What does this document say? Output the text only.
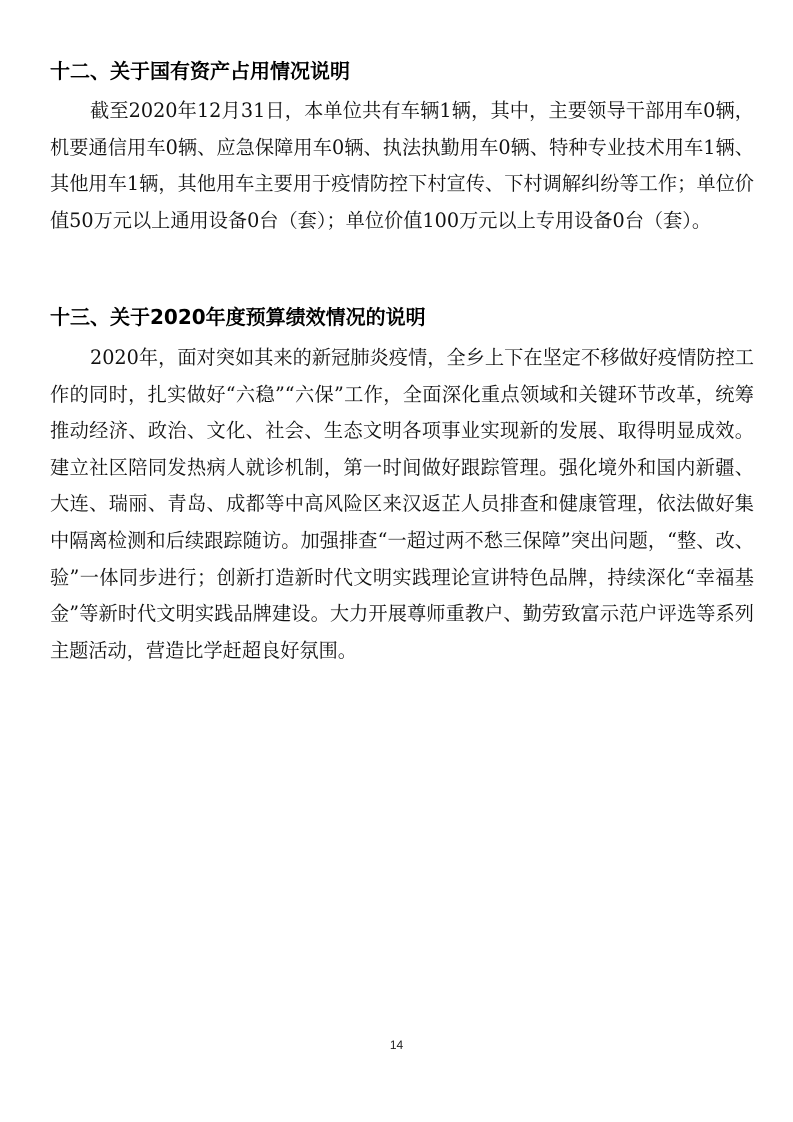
十二、关于国有资产占用情况说明

截至2020年12月31日，本单位共有车辆1辆，其中，主要领导干部用车0辆，机要通信用车0辆、应急保障用车0辆、执法执勤用车0辆、特种专业技术用车1辆、其他用车1辆，其他用车主要用于疫情防控下村宣传、下村调解纠纷等工作；单位价值50万元以上通用设备0台（套）；单位价值100万元以上专用设备0台（套）。

十三、关于2020年度预算绩效情况的说明

2020年，面对突如其来的新冠肺炎疫情，全乡上下在坚定不移做好疫情防控工作的同时，扎实做好“六稳”“六保”工作，全面深化重点领域和关键环节改革，统筹推动经济、政治、文化、社会、生态文明各项事业实现新的发展、取得明显成效。建立社区陪同发热病人就诊机制，第一时间做好跟踪管理。强化境外和国内新疆、大连、瑞丽、青岛、成都等中高风险区来汉返芷人员排查和健康管理，依法做好集中隔离检测和后续跟踪随访。加强排查“一超过两不愁三保障”突出问题，“整、改、验”一体同步进行；创新打造新时代文明实践理论宣讲特色品牌，持续深化“幸福基金”等新时代文明实践品牌建设。大力开展尊师重教户、勤劳致富示范户评选等系列主题活动，营造比学赶超良好氛围。

14
